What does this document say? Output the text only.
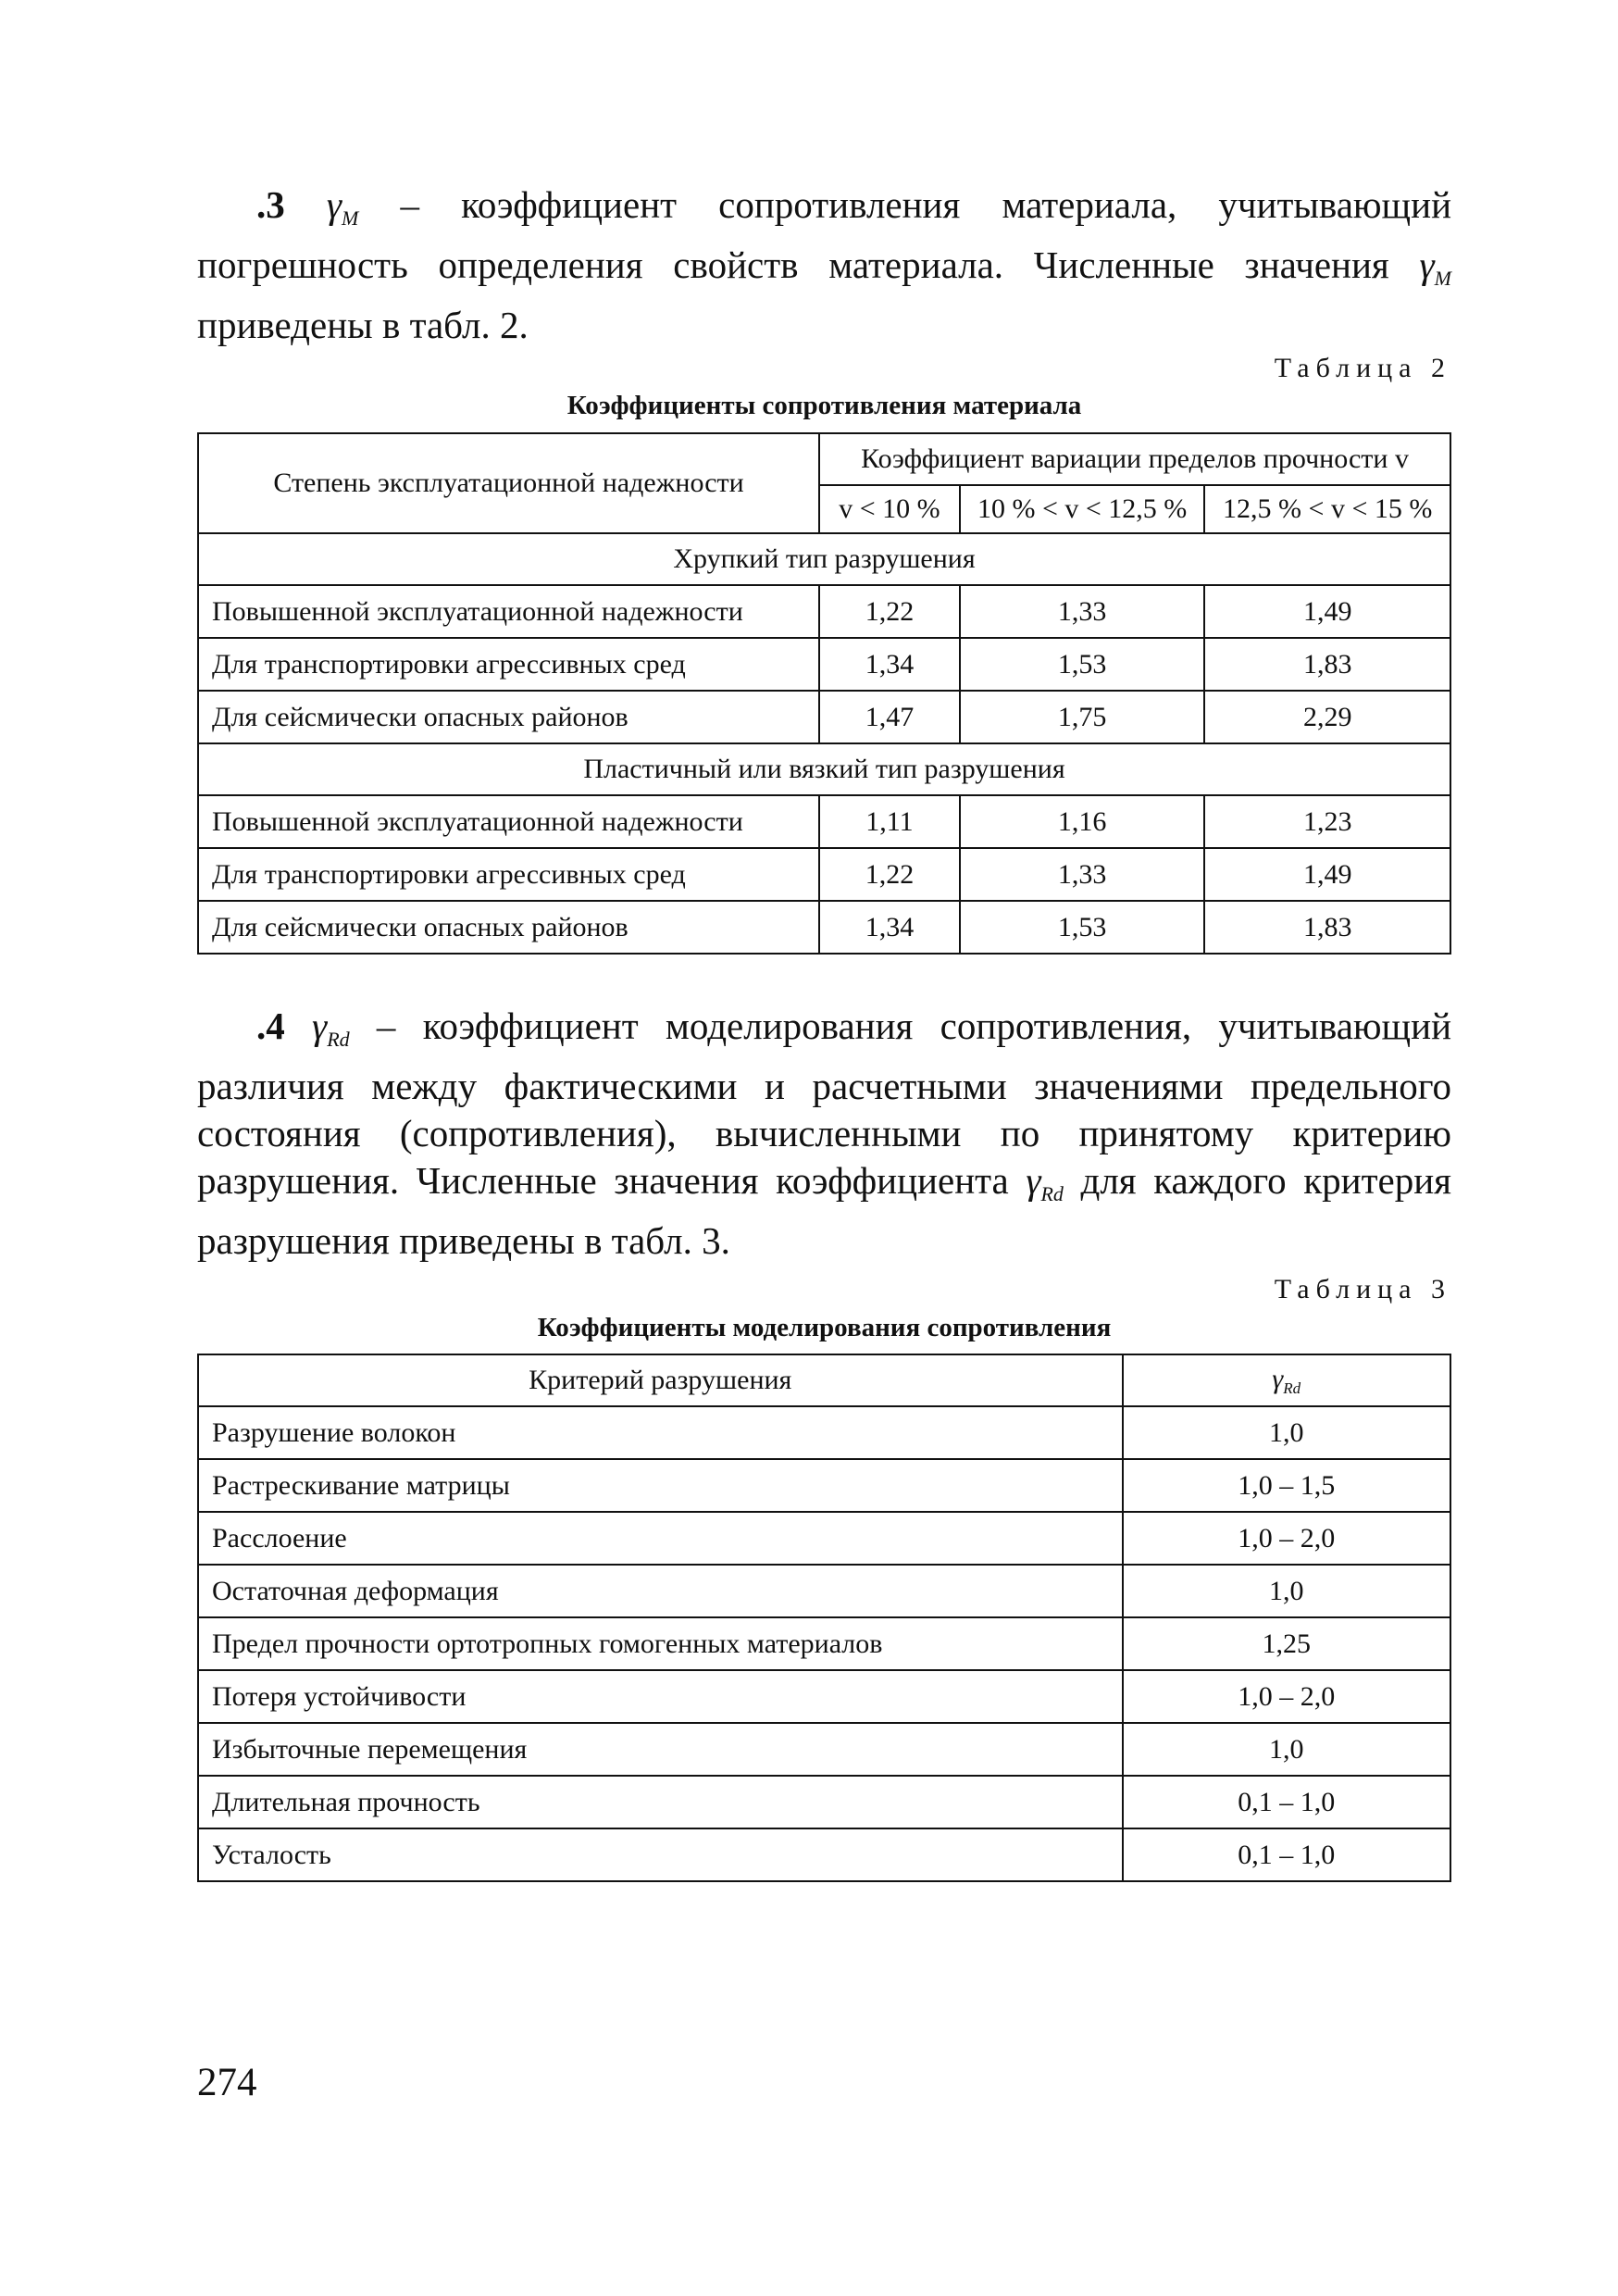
.3 $\gamma_M$ – коэффициент сопротивления материала, учитывающий погрешность определения свойств материала. Численные значения $\gamma_M$ приведены в табл. 2.
Таблица 2
Коэффициенты сопротивления материала
Степень эксплуатационной надежности	Коэффициент вариации пределов прочности v		
	v < 10 %	10 % < v < 12,5 %	12,5 % < v < 15 %
Хрупкий тип разрушения			
Повышенной эксплуатационной надежности	1,22	1,33	1,49
Для транспортировки агрессивных сред	1,34	1,53	1,83
Для сейсмически опасных районов	1,47	1,75	2,29
Пластичный или вязкий тип разрушения			
Повышенной эксплуатационной надежности	1,11	1,16	1,23
Для транспортировки агрессивных сред	1,22	1,33	1,49
Для сейсмически опасных районов	1,34	1,53	1,83
.4 $\gamma_{Rd}$ – коэффициент моделирования сопротивления, учитывающий различия между фактическими и расчетными значениями предельного состояния (сопротивления), вычисленными по принятому критерию разрушения. Численные значения коэффициента $\gamma_{Rd}$ для каждого критерия разрушения приведены в табл. 3.
Таблица 3
Коэффициенты моделирования сопротивления
Критерий разрушения	$\gamma_{Rd}$
Разрушение волокон	1,0
Растрескивание матрицы	1,0 – 1,5
Расслоение	1,0 – 2,0
Остаточная деформация	1,0
Предел прочности ортотропных гомогенных материалов	1,25
Потеря устойчивости	1,0 – 2,0
Избыточные перемещения	1,0
Длительная прочность	0,1 – 1,0
Усталость	0,1 – 1,0
274
